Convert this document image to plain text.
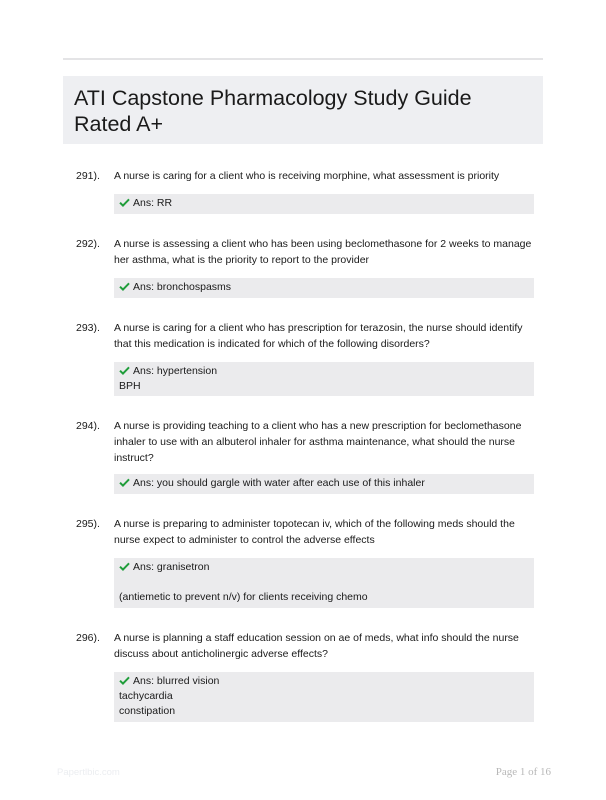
ATI Capstone Pharmacology Study Guide Rated A+
291). A nurse is caring for a client who is receiving morphine, what assessment is priority
Ans: RR
292). A nurse is assessing a client who has been using beclomethasone for 2 weeks to manage her asthma, what is the priority to report to the provider
Ans: bronchospasms
293). A nurse is caring for a client who has prescription for terazosin, the nurse should identify that this medication is indicated for which of the following disorders?
Ans: hypertension
BPH
294). A nurse is providing teaching to a client who has a new prescription for beclomethasone inhaler to use with an albuterol inhaler for asthma maintenance, what should the nurse instruct?
Ans: you should gargle with water after each use of this inhaler
295). A nurse is preparing to administer topotecan iv, which of the following meds should the nurse expect to administer to control the adverse effects
Ans: granisetron
(antiemetic to prevent n/v) for clients receiving chemo
296). A nurse is planning a staff education session on ae of meds, what info should the nurse discuss about anticholinergic adverse effects?
Ans: blurred vision
tachycardia
constipation
Papertlbic.com	Page 1 of 16
